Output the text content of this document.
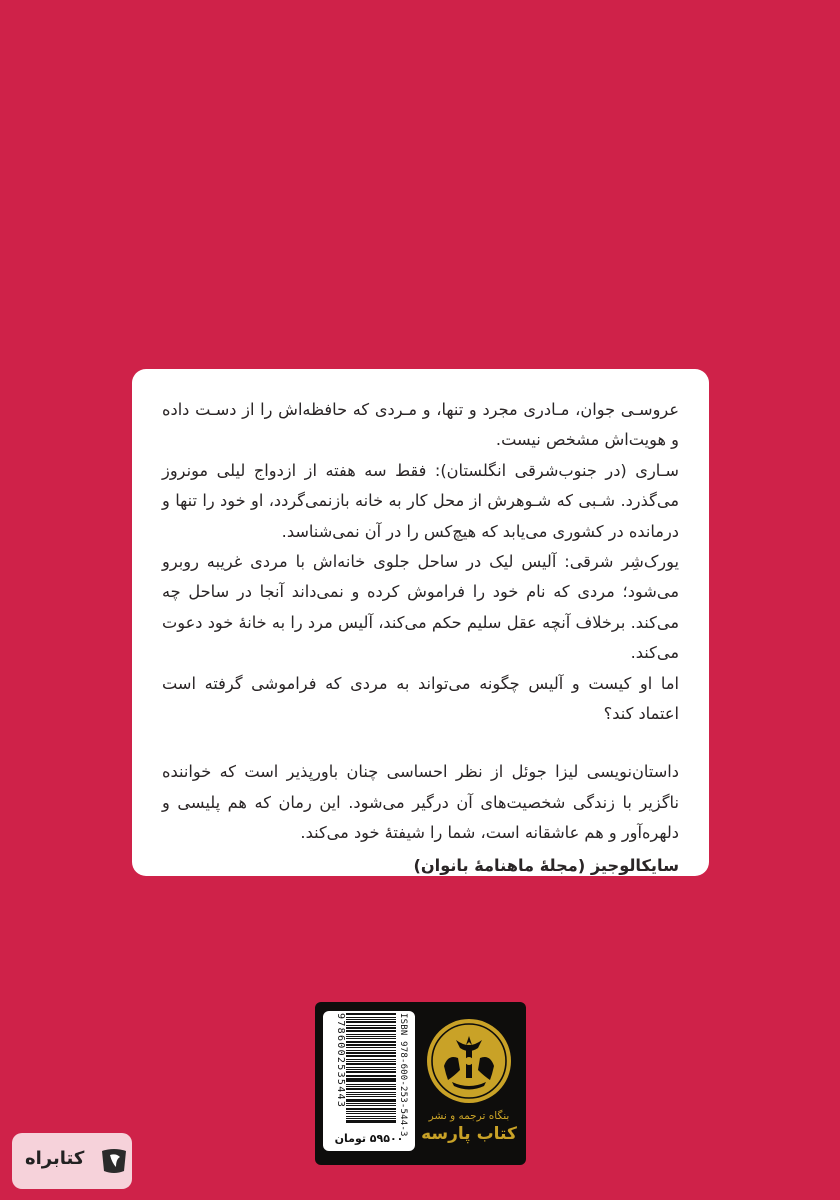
عروسـی جوان، مـادری مجرد و تنها، و مـردی که حافظه‌اش را از دسـت داده و هویت‌اش مشخص نیست.

سـاری (در جنوب‌شرقی انگلستان): فقط سه هفته از ازدواج لیلی مونروز می‌گذرد. شـبی که شـوهرش از محل کار به خانه بازنمی‌گردد، او خود را تنها و درمانده در کشوری می‌یابد که هیچ‌کس را در آن نمی‌شناسد.

یورک‌شِر شرقی: آلیس لیک در ساحل جلوی خانه‌اش با مردی غریبه روبرو می‌شود؛ مردی که نام خود را فراموش کرده و نمی‌داند آنجا در ساحل چه می‌کند. برخلاف آنچه عقل سلیم حکم می‌کند، آلیس مرد را به خانهٔ خود دعوت می‌کند.

اما او کیست و آلیس چگونه می‌تواند به مردی که فراموشی گرفته است اعتماد کند؟

داستان‌نویسی لیزا جوئل از نظر احساسی چنان باورپذیر است که خواننده ناگزیر با زندگی شخصیت‌های آن درگیر می‌شود. این رمان که هم پلیسی و دلهره‌آور و هم عاشقانه است، شما را شیفتهٔ خود می‌کند.

سایکالوجیز (مجلهٔ ماهنامهٔ بانوان)

ISBN 978-600-253-544-3
9786002535443
۵۹۵۰۰ تومان
بنگاه ترجمه و نشر
کتاب پارسه
کتابراه
